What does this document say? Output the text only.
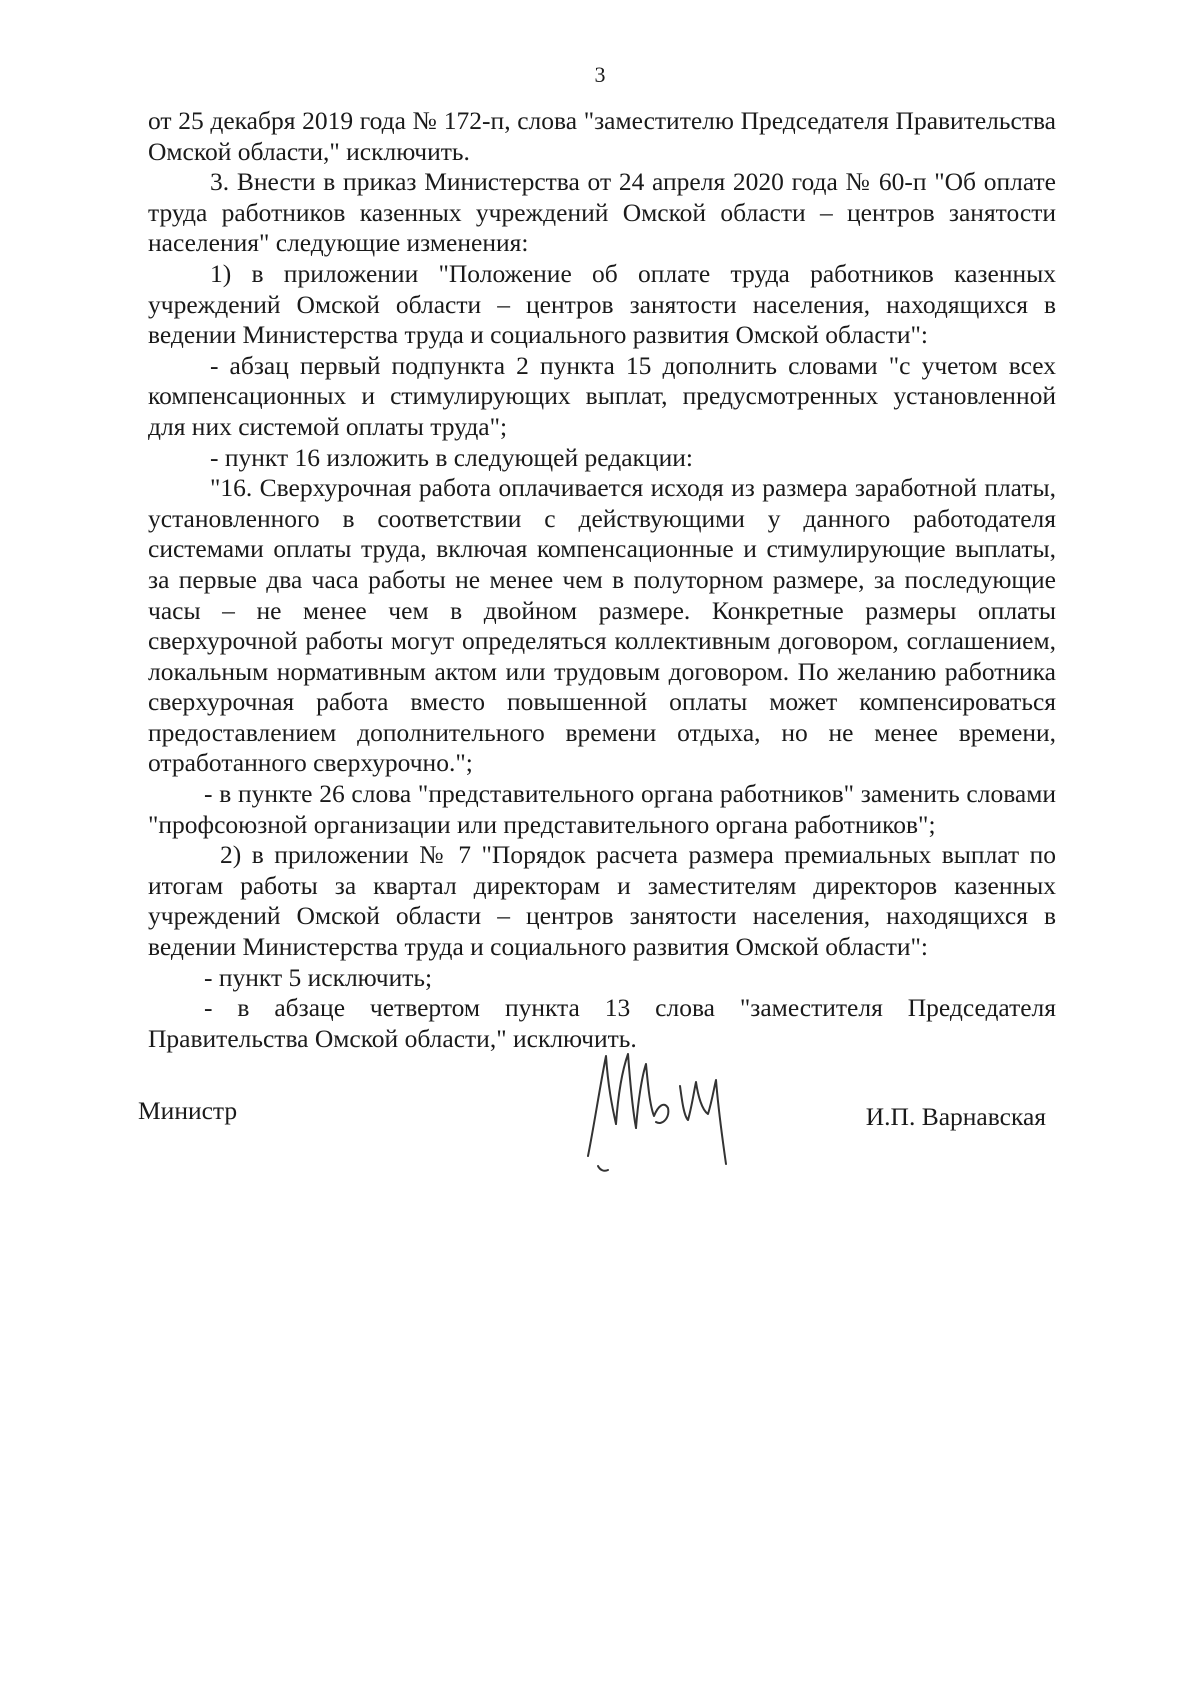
3

от 25 декабря 2019 года № 172-п, слова "заместителю Председателя Правительства Омской области," исключить.

3. Внести в приказ Министерства от 24 апреля 2020 года № 60-п "Об оплате труда работников казенных учреждений Омской области – центров занятости населения" следующие изменения:

1) в приложении "Положение об оплате труда работников казенных учреждений Омской области – центров занятости населения, находящихся в ведении Министерства труда и социального развития Омской области":

- абзац первый подпункта 2 пункта 15 дополнить словами "с учетом всех компенсационных и стимулирующих выплат, предусмотренных установленной для них системой оплаты труда";

- пункт 16 изложить в следующей редакции:

"16. Сверхурочная работа оплачивается исходя из размера заработной платы, установленного в соответствии с действующими у данного работодателя системами оплаты труда, включая компенсационные и стимулирующие выплаты, за первые два часа работы не менее чем в полуторном размере, за последующие часы – не менее чем в двойном размере. Конкретные размеры оплаты сверхурочной работы могут определяться коллективным договором, соглашением, локальным нормативным актом или трудовым договором. По желанию работника сверхурочная работа вместо повышенной оплаты может компенсироваться предоставлением дополнительного времени отдыха, но не менее времени, отработанного сверхурочно.";

- в пункте 26 слова "представительного органа работников" заменить словами "профсоюзной организации или представительного органа работников";

2) в приложении № 7 "Порядок расчета размера премиальных выплат по итогам работы за квартал директорам и заместителям директоров казенных учреждений Омской области – центров занятости населения, находящихся в ведении Министерства труда и социального развития Омской области":

- пункт 5 исключить;

- в абзаце четвертом пункта 13 слова "заместителя Председателя Правительства Омской области," исключить.

Министр	И.П. Варнавская
